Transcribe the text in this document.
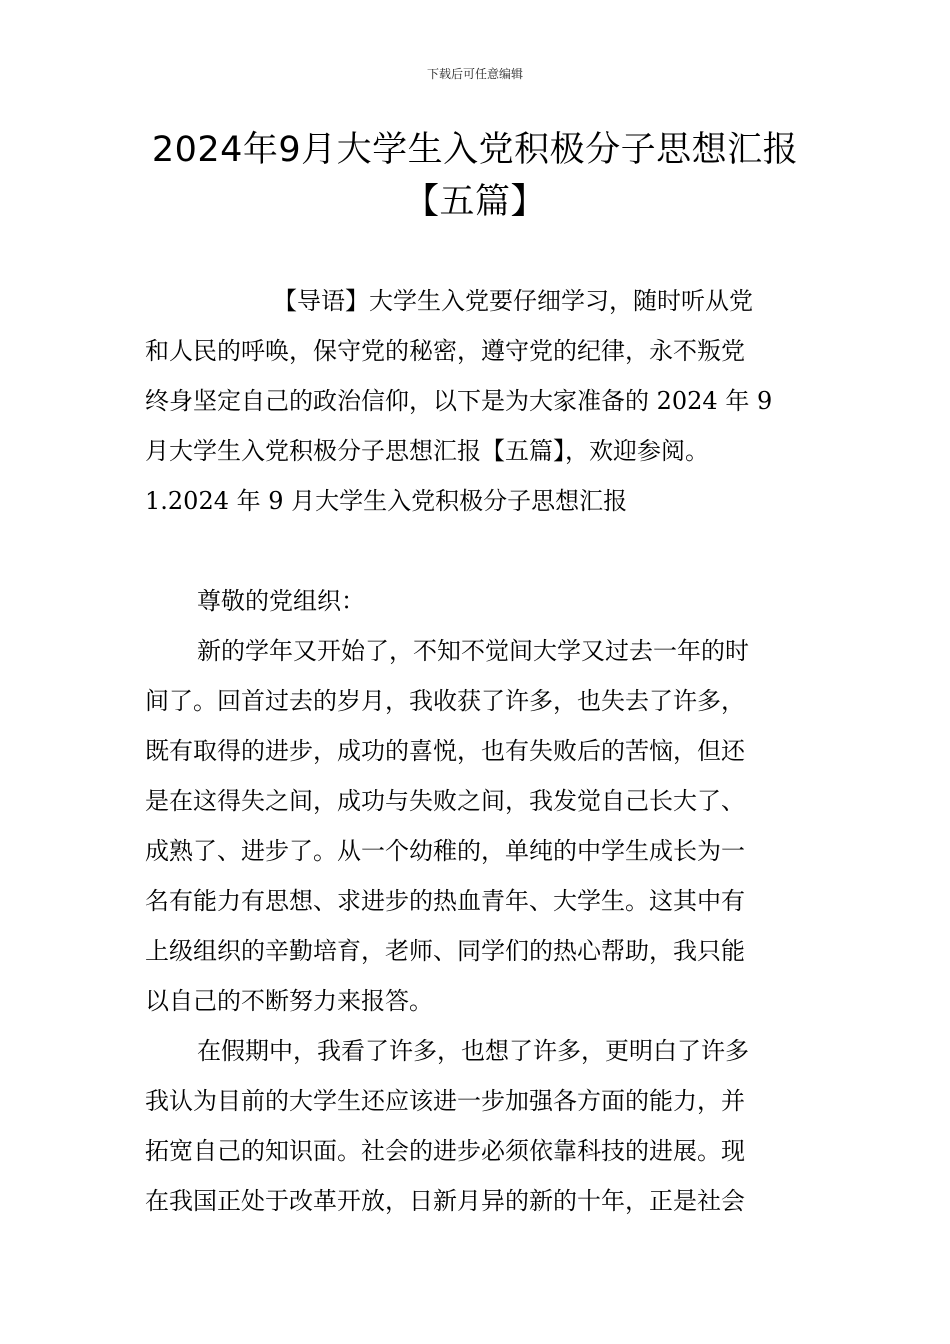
下载后可任意编辑
2024年9月大学生入党积极分子思想汇报
【五篇】

【导语】大学生入党要仔细学习，随时听从党

和人民的呼唤，保守党的秘密，遵守党的纪律，永不叛党

终身坚定自己的政治信仰，以下是为大家准备的 2024 年 9

月大学生入党积极分子思想汇报【五篇】，欢迎参阅。

1.2024 年 9 月大学生入党积极分子思想汇报

尊敬的党组织：

新的学年又开始了，不知不觉间大学又过去一年的时

间了。回首过去的岁月，我收获了许多，也失去了许多，

既有取得的进步，成功的喜悦，也有失败后的苦恼，但还

是在这得失之间，成功与失败之间，我发觉自己长大了、

成熟了、进步了。从一个幼稚的，单纯的中学生成长为一

名有能力有思想、求进步的热血青年、大学生。这其中有

上级组织的辛勤培育，老师、同学们的热心帮助，我只能

以自己的不断努力来报答。

在假期中，我看了许多，也想了许多，更明白了许多

我认为目前的大学生还应该进一步加强各方面的能力，并

拓宽自己的知识面。社会的进步必须依靠科技的进展。现

在我国正处于改革开放，日新月异的新的十年，正是社会
